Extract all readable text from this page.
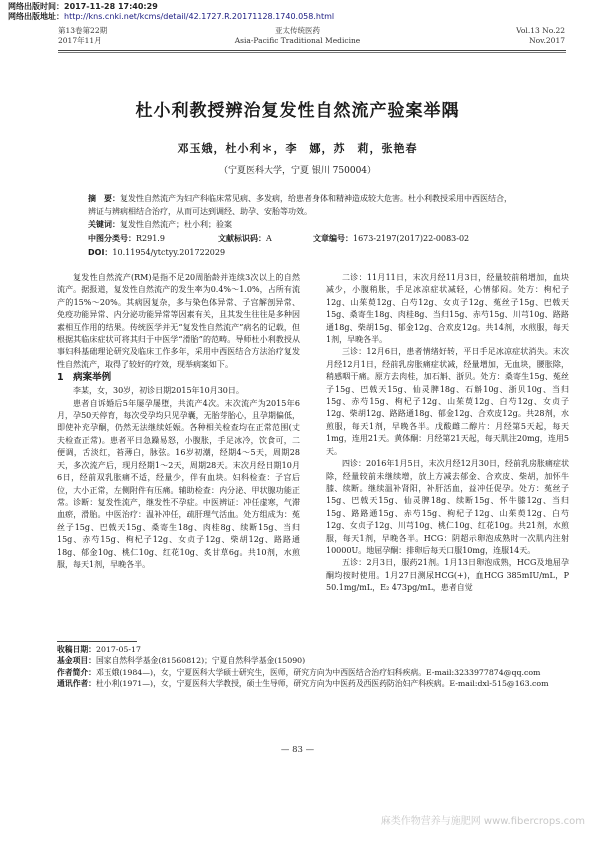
网络出版时间：2017-11-28 17:40:29
网络出版地址：http://kns.cnki.net/kcms/detail/42.1727.R.20171128.1740.058.html
第13卷第22期
2017年11月
亚太传统医药
Asia-Pacific Traditional Medicine
Vol.13 No.22
Nov.2017
杜小利教授辨治复发性自然流产验案举隅
邓玉娥，杜小利＊，李　娜，苏　莉，张艳春
（宁夏医科大学，宁夏 银川 750004）
摘　要：复发性自然流产为妇产科临床常见病、多发病，给患者身体和精神造成较大危害。杜小利教授采用中西医结合，辨证与辨病相结合治疗，从而可达到调经、助孕、安胎等功效。
关键词：复发性自然流产；杜小利；验案
中图分类号：R291.9	文献标识码：A	文章编号：1673-2197(2017)22-0083-02
DOI：10.11954/ytctyy.201722029

复发性自然流产(RM)是指不足20周胎龄并连续3次以上的自然流产。据报道，复发性自然流产的发生率为0.4%～1.0%，占所有流产的15%～20%。其病因复杂，多与染色体异常、子宫解剖异常、免疫功能异常、内分泌功能异常等因素有关，且其发生往往是多种因素相互作用的结果。传统医学并无“复发性自然流产”病名的记载，但根据其临床症状可将其归于中医学“滑胎”的范畴。导师杜小利教授从事妇科基础理论研究及临床工作多年，采用中西医结合方法治疗复发性自然流产，取得了较好的疗效，现举病案如下。

1　病案举例

李某，女，30岁，初诊日期2015年10月30日。

患者自诉婚后5年屡孕屡堕，共流产4次。末次流产为2015年6月，孕50天停育，每次受孕均只见孕囊，无胎芽胎心，且孕期偏低，即使补充孕酮，仍然无法继续妊娠。各种相关检查均在正常范围(丈夫检查正常)。患者平日急躁易怒，小腹胀，手足冰冷，饮食可，二便调，舌淡红，苔薄白，脉弦。16岁初潮，经期4～5天，周期28天，多次流产后，现月经期1～2天，周期28天。末次月经日期10月6日，经前双乳胀痛不适，经量少，伴有血块。妇科检查：子宫后位，大小正常，左侧附件有压痛。辅助检查：内分泌、甲状腺功能正常。诊断：复发性流产，继发性不孕症。中医辨证：冲任虚寒，气滞血瘀，滑胎。中医治疗：温补冲任，疏肝理气活血。处方组成为：菟丝子15g、巴戟天15g、桑寄生18g、肉桂8g、续断15g、当归15g、赤芍15g、枸杞子12g、女贞子12g、柴胡12g、路路通18g、郁金10g、桃仁10g、红花10g、炙甘草6g。共10剂，水煎服，每天1剂，早晚各半。

二诊：11月11日，末次月经11月3日，经量较前稍增加，血块减少，小腹稍胀，手足冰凉症状减轻，心情郁闷。处方：枸杞子12g、山茱萸12g、白芍12g、女贞子12g、菟丝子15g、巴戟天15g、桑寄生18g、肉桂8g、当归15g、赤芍15g、川芎10g、路路通18g、柴胡15g、郁金12g、合欢皮12g。共14剂，水煎服，每天1剂，早晚各半。

三诊：12月6日，患者情绪好转，平日手足冰凉症状消失。末次月经12月1日，经前乳房胀痛症状减，经量增加，无血块，腰胀除，稍感咽干痛。原方去肉桂，加石斛、浙贝。处方：桑寄生15g、菟丝子15g、巴戟天15g、仙灵脾18g、石斛10g、浙贝10g、当归15g、赤芍15g、枸杞子12g、山茱萸12g、白芍12g、女贞子12g、柴胡12g、路路通18g、郁金12g、合欢皮12g。共28剂，水煎服，每天1剂，早晚各半。戊酸雌二醇片：月经第5天起，每天1mg，连用21天。黄体酮：月经第21天起，每天肌注20mg，连用5天。

四诊：2016年1月5日，末次月经12月30日，经前乳房胀痛症状除，经量较前未继续增，放上方减去郁金、合欢皮、柴胡，加怀牛膝、续断。继续温补肾阳，补肝活血，益冲任促孕。处方：菟丝子15g、巴戟天15g、仙灵脾18g、续断15g、怀牛膝12g、当归15g、路路通15g、赤芍15g、枸杞子12g、山茱萸12g、白芍12g、女贞子12g、川芎10g、桃仁10g、红花10g。共21剂，水煎服，每天1剂，早晚各半。HCG：阴超示卵泡成熟时一次肌内注射10000U。地屈孕酮：排卵后每天口服10mg，连服14天。

五诊：2月3日，服药21剂。1月13日卵泡成熟，HCG及地屈孕酮均按时使用。1月27日测尿HCG(+)，血HCG 385mIU/mL，P 50.1mg/mL，E₂ 473pg/mL，患者自觉

收稿日期：2017-05-17

基金项目：国家自然科学基金(81560812)；宁夏自然科学基金(15090)

作者简介：邓玉娥(1984—)，女，宁夏医科大学硕士研究生，医师，研究方向为中西医结合治疗妇科疾病。E-mail:3233977874@qq.com

通讯作者：杜小利(1971—)，女，宁夏医科大学教授，硕士生导师，研究方向为中医药及西医药防治妇产科疾病。E-mail:dxl-515@163.com

— 83 —
麻类作物营养与施肥网 www.fibercrops.com
